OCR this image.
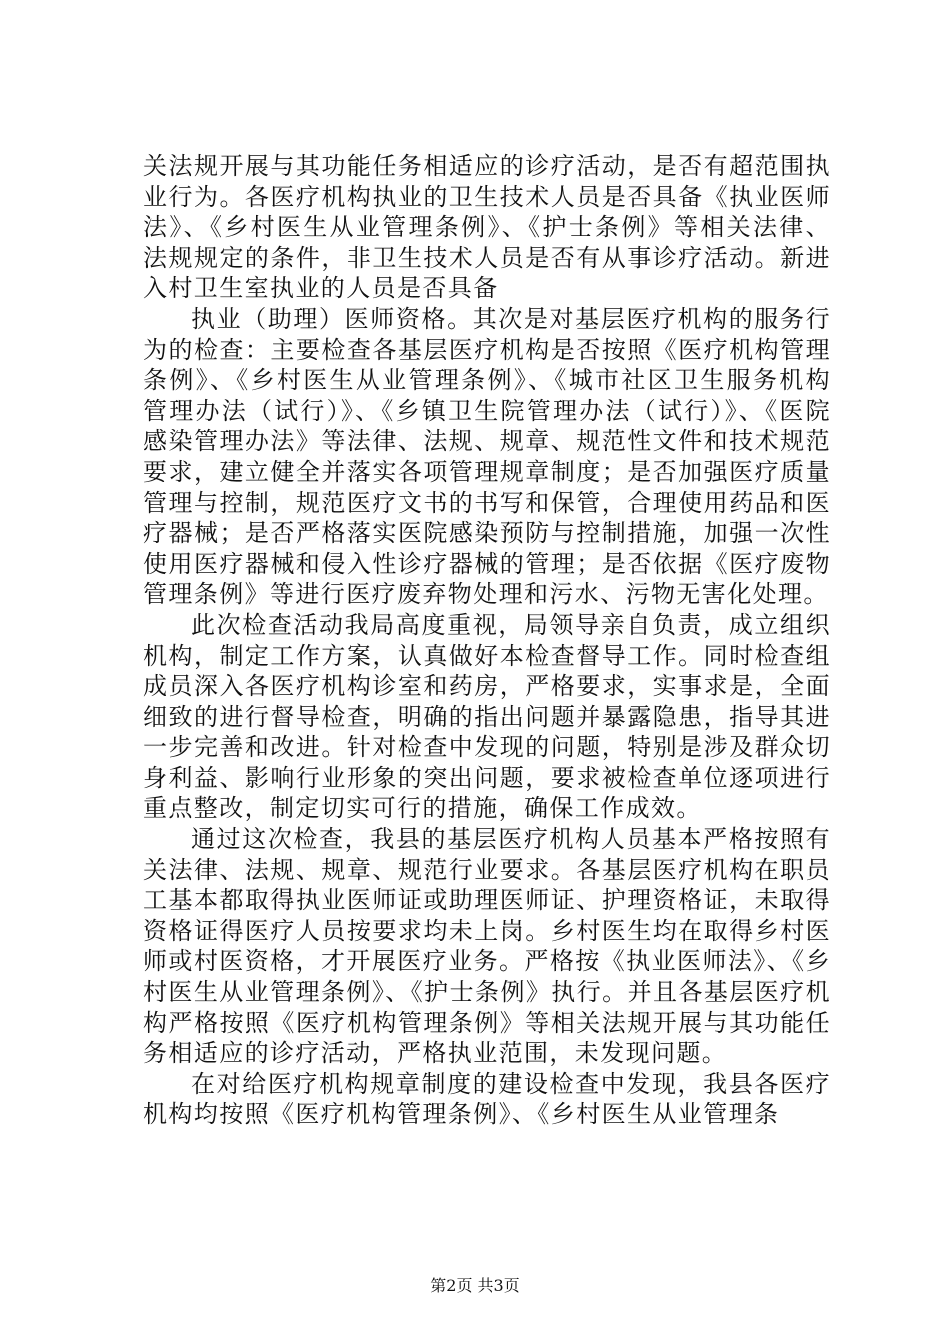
关法规开展与其功能任务相适应的诊疗活动，是否有超范围执业行为。各医疗机构执业的卫生技术人员是否具备《执业医师法》、《乡村医生从业管理条例》、《护士条例》等相关法律、法规规定的条件，非卫生技术人员是否有从事诊疗活动。新进入村卫生室执业的人员是否具备

执业（助理）医师资格。其次是对基层医疗机构的服务行为的检查：主要检查各基层医疗机构是否按照《医疗机构管理条例》、《乡村医生从业管理条例》、《城市社区卫生服务机构管理办法（试行）》、《乡镇卫生院管理办法（试行）》、《医院感染管理办法》等法律、法规、规章、规范性文件和技术规范要求，建立健全并落实各项管理规章制度；是否加强医疗质量管理与控制，规范医疗文书的书写和保管，合理使用药品和医疗器械；是否严格落实医院感染预防与控制措施，加强一次性使用医疗器械和侵入性诊疗器械的管理；是否依据《医疗废物管理条例》等进行医疗废弃物处理和污水、污物无害化处理。

此次检查活动我局高度重视，局领导亲自负责，成立组织机构，制定工作方案，认真做好本检查督导工作。同时检查组成员深入各医疗机构诊室和药房，严格要求，实事求是，全面细致的进行督导检查，明确的指出问题并暴露隐患，指导其进一步完善和改进。针对检查中发现的问题，特别是涉及群众切身利益、影响行业形象的突出问题，要求被检查单位逐项进行重点整改，制定切实可行的措施，确保工作成效。

通过这次检查，我县的基层医疗机构人员基本严格按照有关法律、法规、规章、规范行业要求。各基层医疗机构在职员工基本都取得执业医师证或助理医师证、护理资格证，未取得资格证得医疗人员按要求均未上岗。乡村医生均在取得乡村医师或村医资格，才开展医疗业务。严格按《执业医师法》、《乡村医生从业管理条例》、《护士条例》执行。并且各基层医疗机构严格按照《医疗机构管理条例》等相关法规开展与其功能任务相适应的诊疗活动，严格执业范围，未发现问题。

在对给医疗机构规章制度的建设检查中发现，我县各医疗机构均按照《医疗机构管理条例》、《乡村医生从业管理条

第2页 共3页
